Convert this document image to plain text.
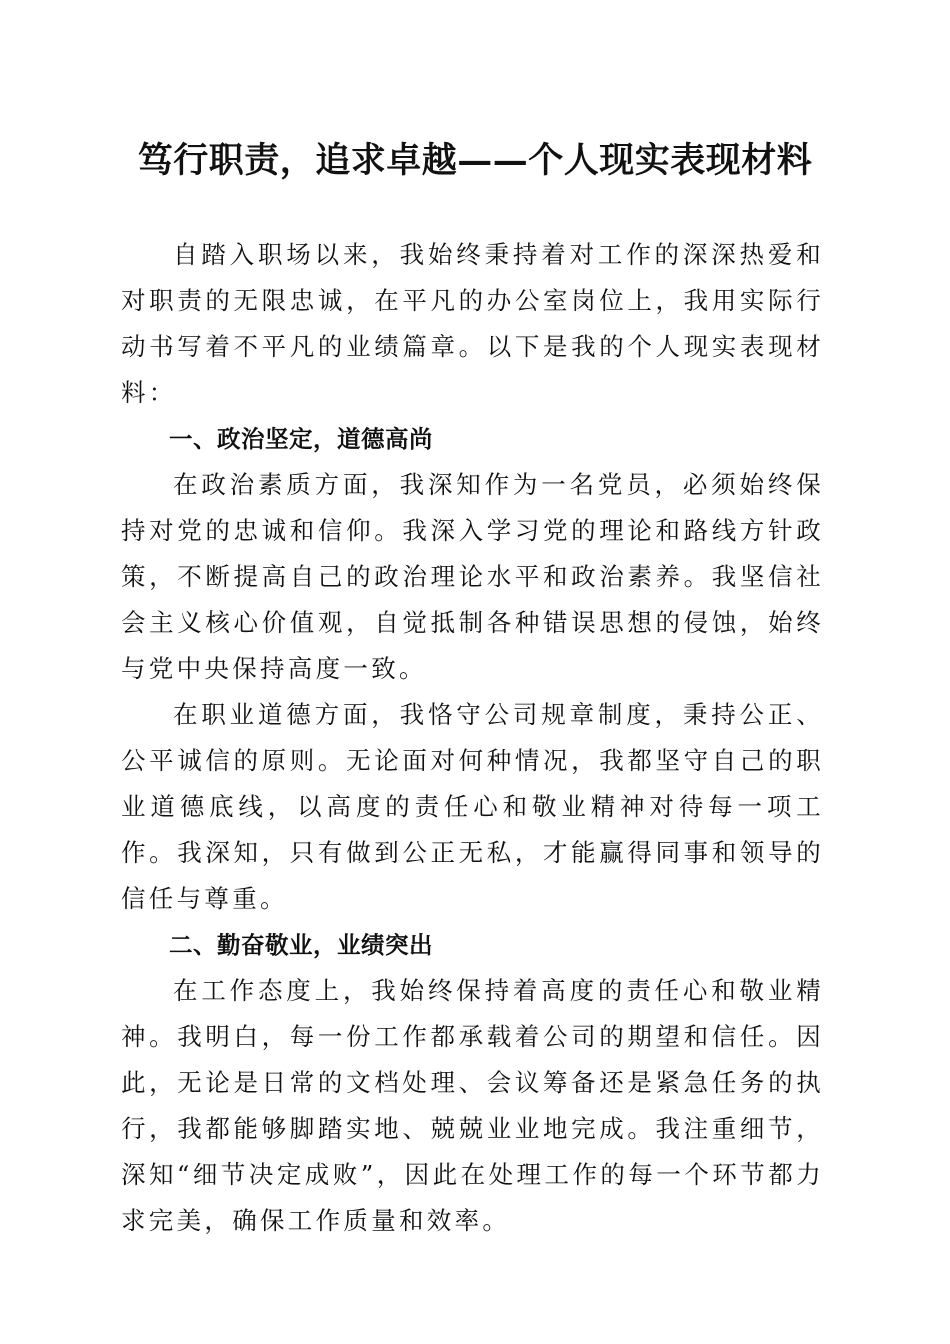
笃行职责，追求卓越——个人现实表现材料

自踏入职场以来，我始终秉持着对工作的深深热爱和对职责的无限忠诚，在平凡的办公室岗位上，我用实际行动书写着不平凡的业绩篇章。以下是我的个人现实表现材料：

一、政治坚定，道德高尚

在政治素质方面，我深知作为一名党员，必须始终保持对党的忠诚和信仰。我深入学习党的理论和路线方针政策，不断提高自己的政治理论水平和政治素养。我坚信社会主义核心价值观，自觉抵制各种错误思想的侵蚀，始终与党中央保持高度一致。

在职业道德方面，我恪守公司规章制度，秉持公正、公平诚信的原则。无论面对何种情况，我都坚守自己的职业道德底线，以高度的责任心和敬业精神对待每一项工作。我深知，只有做到公正无私，才能赢得同事和领导的信任与尊重。

二、勤奋敬业，业绩突出

在工作态度上，我始终保持着高度的责任心和敬业精神。我明白，每一份工作都承载着公司的期望和信任。因此，无论是日常的文档处理、会议筹备还是紧急任务的执行，我都能够脚踏实地、兢兢业业地完成。我注重细节，深知“细节决定成败”，因此在处理工作的每一个环节都力求完美，确保工作质量和效率。
